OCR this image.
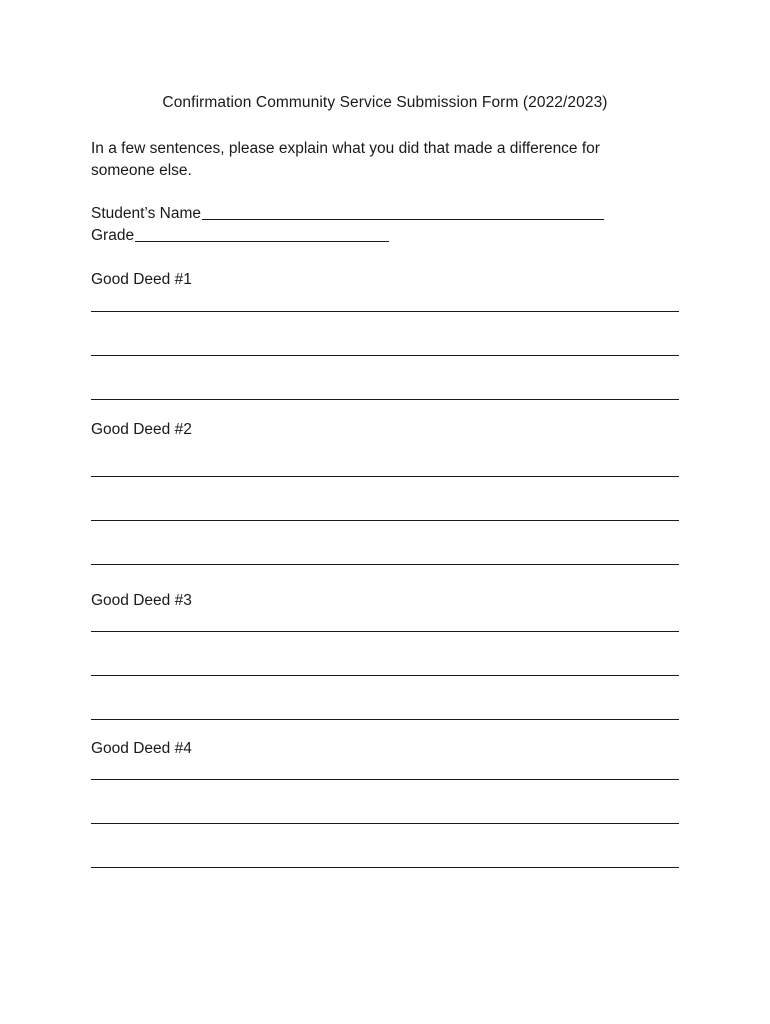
Confirmation Community Service Submission Form (2022/2023)
In a few sentences, please explain what you did that made a difference for someone else.
Student’s Name
Grade
Good Deed #1
Good Deed #2
Good Deed #3
Good Deed #4
